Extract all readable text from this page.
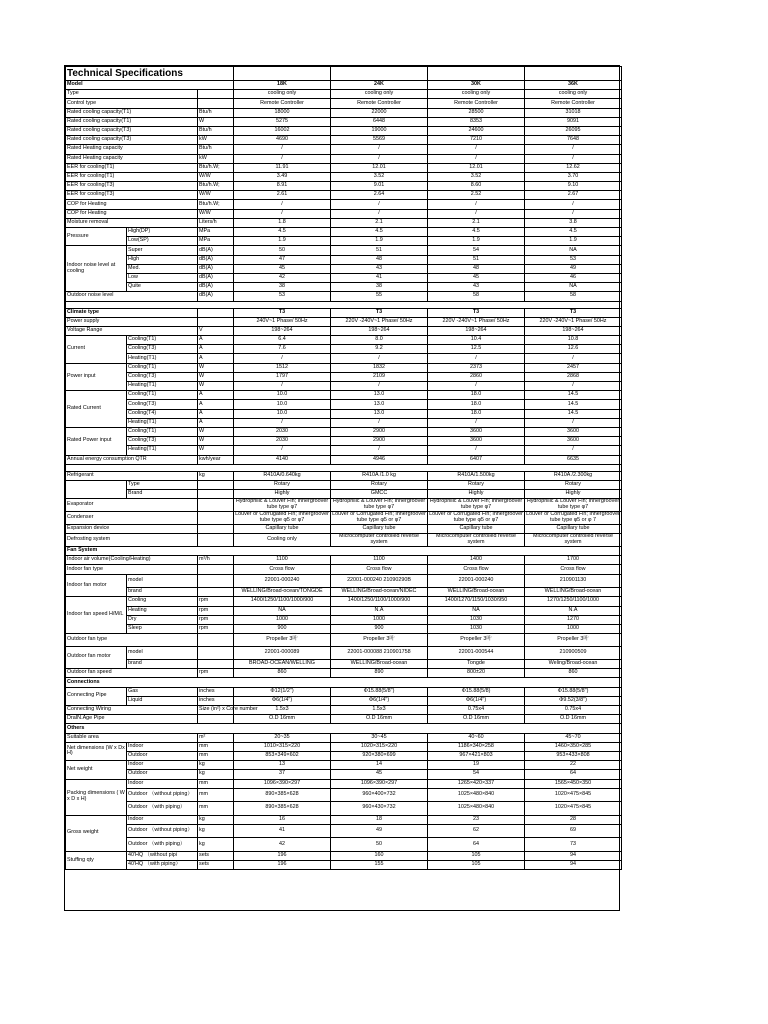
Technical Specifications						
Model			18K	24K	30K	36K
Type			cooling only	cooling only	cooling only	cooling only
Control type			Remote Controller	Remote Controller	Remote Controller	Remote Controller
Rated cooling capacity(T1)		Btu/h	18000	22000	28500	31018
Rated cooling capacity(T1)		W	5275	6448	8353	9091
Rated cooling capacity(T3)		Btu/h	16002	19000	24600	26095
Rated cooling capacity(T3)		kW	4690	5569	7210	7648
Rated Heating capacity		Btu/h	/	/	/	/
Rated Heating capacity		kW	/	/	/	/
EER for cooling(T1)		Btu/h.W;	11.91	12.01	12.01	12.62
EER for cooling(T1)		W/W	3.49	3.52	3.52	3.70
EER for cooling(T3)		Btu/h.W;	8.91	9.01	8.60	9.10
EER for cooling(T3)		W/W	2.61	2.64	2.52	2.67
COP for Heating		Btu/h.W;	/	/	/	/
COP for Heating		W/W	/	/	/	/
Moisture removal		Liters/h	1.8	2.1	2.1	3.8
Pressure	High(DP)	MPa	4.5	4.5	4.5	4.5
	Low(SP)	MPa	1.9	1.9	1.9	1.9
Indoor noise level at cooling	Super	dB(A)	50	51	54	NA
	High	dB(A)	47	48	51	53
	Med.	dB(A)	45	43	48	49
	Low	dB(A)	42	41	45	46
	Quite	dB(A)	38	38	43	NA
Outdoor noise level		dB(A)	53	55	58	58

Climate type			T3	T3	T3	T3
Power supply			240V~1 Phase/ 50Hz	220V -240V~1 Phase/ 50Hz	220V -240V~1 Phase/ 50Hz	220V -240V~1 Phase/ 50Hz
Voltage Range		V	198~264	198~264	198~264	198~264
Current	Cooling(T1)	A	6.4	8.0	10.4	10.8
	Cooling(T3)	A	7.6	9.2	12.5	12.6
	Heating(T1)	A	/	/	/	/
Power input	Cooling(T1)	W	1512	1832	2373	2457
	Cooling(T3)	W	1797	2109	2860	2868
	Heating(T1)	W	/	/	/	/
Rated Current	Cooling(T1)	A	10.0	13.0	18.0	14.5
	Cooling(T3)	A	10.0	13.0	18.0	14.5
	Cooling(T4)	A	10.0	13.0	18.0	14.5
	Heating(T1)	A	/	/	/	/
Rated Power input	Cooling(T1)	W	2030	2900	3600	3600
	Cooling(T3)	W	2030	2900	3600	3600
	Heating(T1)	W	/	/	/	/
Annual energy consumption QTR		kwh/year	4140	4946	6407	6635

Refrigerant		kg	R410A/0.640kg	R410A /1.0 kg	R410A/1.500kg	R410A /2.300kg
	Type		Rotary	Rotary	Rotary	Rotary
	Brand		Highly	GMCC	Highly	Highly
Evaporator			Hydrophilic & Louver Fin; Innergroover tube type φ7	Hydrophilic & Louver Fin; Innergroover tube type φ7	Hydrophilic & Louver Fin; Innergroover tube type φ7	Hydrophilic & Louver Fin; Innergroover tube type φ7
Condenser			Louver or Corrugated Fin; Innergroover tube type φ5 or φ7	Louver or Corrugated Fin; Innergroover tube type φ5 or φ7	Louver or Corrugated Fin; Innergroover tube type φ5 or φ7	Louver or Corrugated Fin; Innergroover tube type φ5 or φ 7
Expansion device			Capillary tube	Capillary tube	Capillary tube	Capillary tube
Defrosting system			Cooling only	Microcomputer controlled reverse system	Microcomputer controlled reverse system	Microcomputer controlled reverse system
Fan System						
Indoor air volume(Cooling/Heating)		m³/h	1100	1100	1400	1700
Indoor fan type			Cross flow	Cross flow	Cross flow	Cross flow
Indoor fan motor	model		22001-000240	22001-000240 21090290B	22001-000240	210901130
	brand		WELLING/Broad-ocean/TONGDE	WELLING/Broad-ocean/NIDEC	WELLING/Broad-ocean	WELLING/Broad-ocean
Indoor fan speed H/M/L	Cooling	rpm	1400/1250/1100/1000/900	1400/1250/1100/1000/900	1400/1270/1150/1030/950	1270/1250/1100/1000
	Heating	rpm	NA	N.A	NA	N.A
	Dry	rpm	1000	1000	1030	1270
	Sleep	rpm	900	900	1030	1000
Outdoor fan type			Propeller 3叶	Propeller 3叶	Propeller 3叶	Propeller 3叶
Outdoor fan motor	model		22001-000089	22001-000088 210901758	22001-000544	210900509
	brand		BROAD-OCEAN/WELLING	WELLING/Broad-ocean	Tongde	Weling/Broad-ocean
Outdoor fan speed		rpm	860	890	800±20	860
Connections						
Connecting Pipe	Gas	inches	Φ12(1/2")	Φ15.88(5/8")	Φ15.88(5/8)	Φ15.88(5/8")
	Liquid	inches	Φ6(1/4")	Φ6(1/4")	Φ6(1/4")	Φ9.52(3/8")
Connecting Wiring		Size (in²) x Core number	1.5x3	1.5x3	0.75x4	0.75x4
DraIN.Age Pipe			O.D 16mm	O.D 16mm	O.D 16mm	O.D 16mm
Others						
Suitable area		m²	20~35	30~45	40~60	45~70
Net dimensions (W x Dx H)	Indoor	mm	1010×315×220	1020×315×220	1186×340×258	1460×350×285
	Outdoor	mm	853×349×602	920×380×699	967×421×803	953×433×808
Net weight	Indoor	kg	13	14	19	22
	Outdoor	kg	37	45	54	64
Packing dimensions ( W x D x H)	Indoor	mm	1096×390×297	1096×390×297	1265×420×337	1565×450×350
	Outdoor （without piping）	mm	890×385×628	960×400×732	1025×480×840	1020×475×845
	Outdoor （with piping）	mm	890×385×628	960×430×732	1025×480×840	1020×475×845
Gross weight	Indoor	kg	16	18	23	28
	Outdoor （without piping）	kg	41	49	62	69
	Outdoor （with piping）	kg	42	50	64	73
Stuffing qty	40'HQ （without pipi	sets	196	160	105	94
	40'HQ （with piping）	sets	196	155	105	94
